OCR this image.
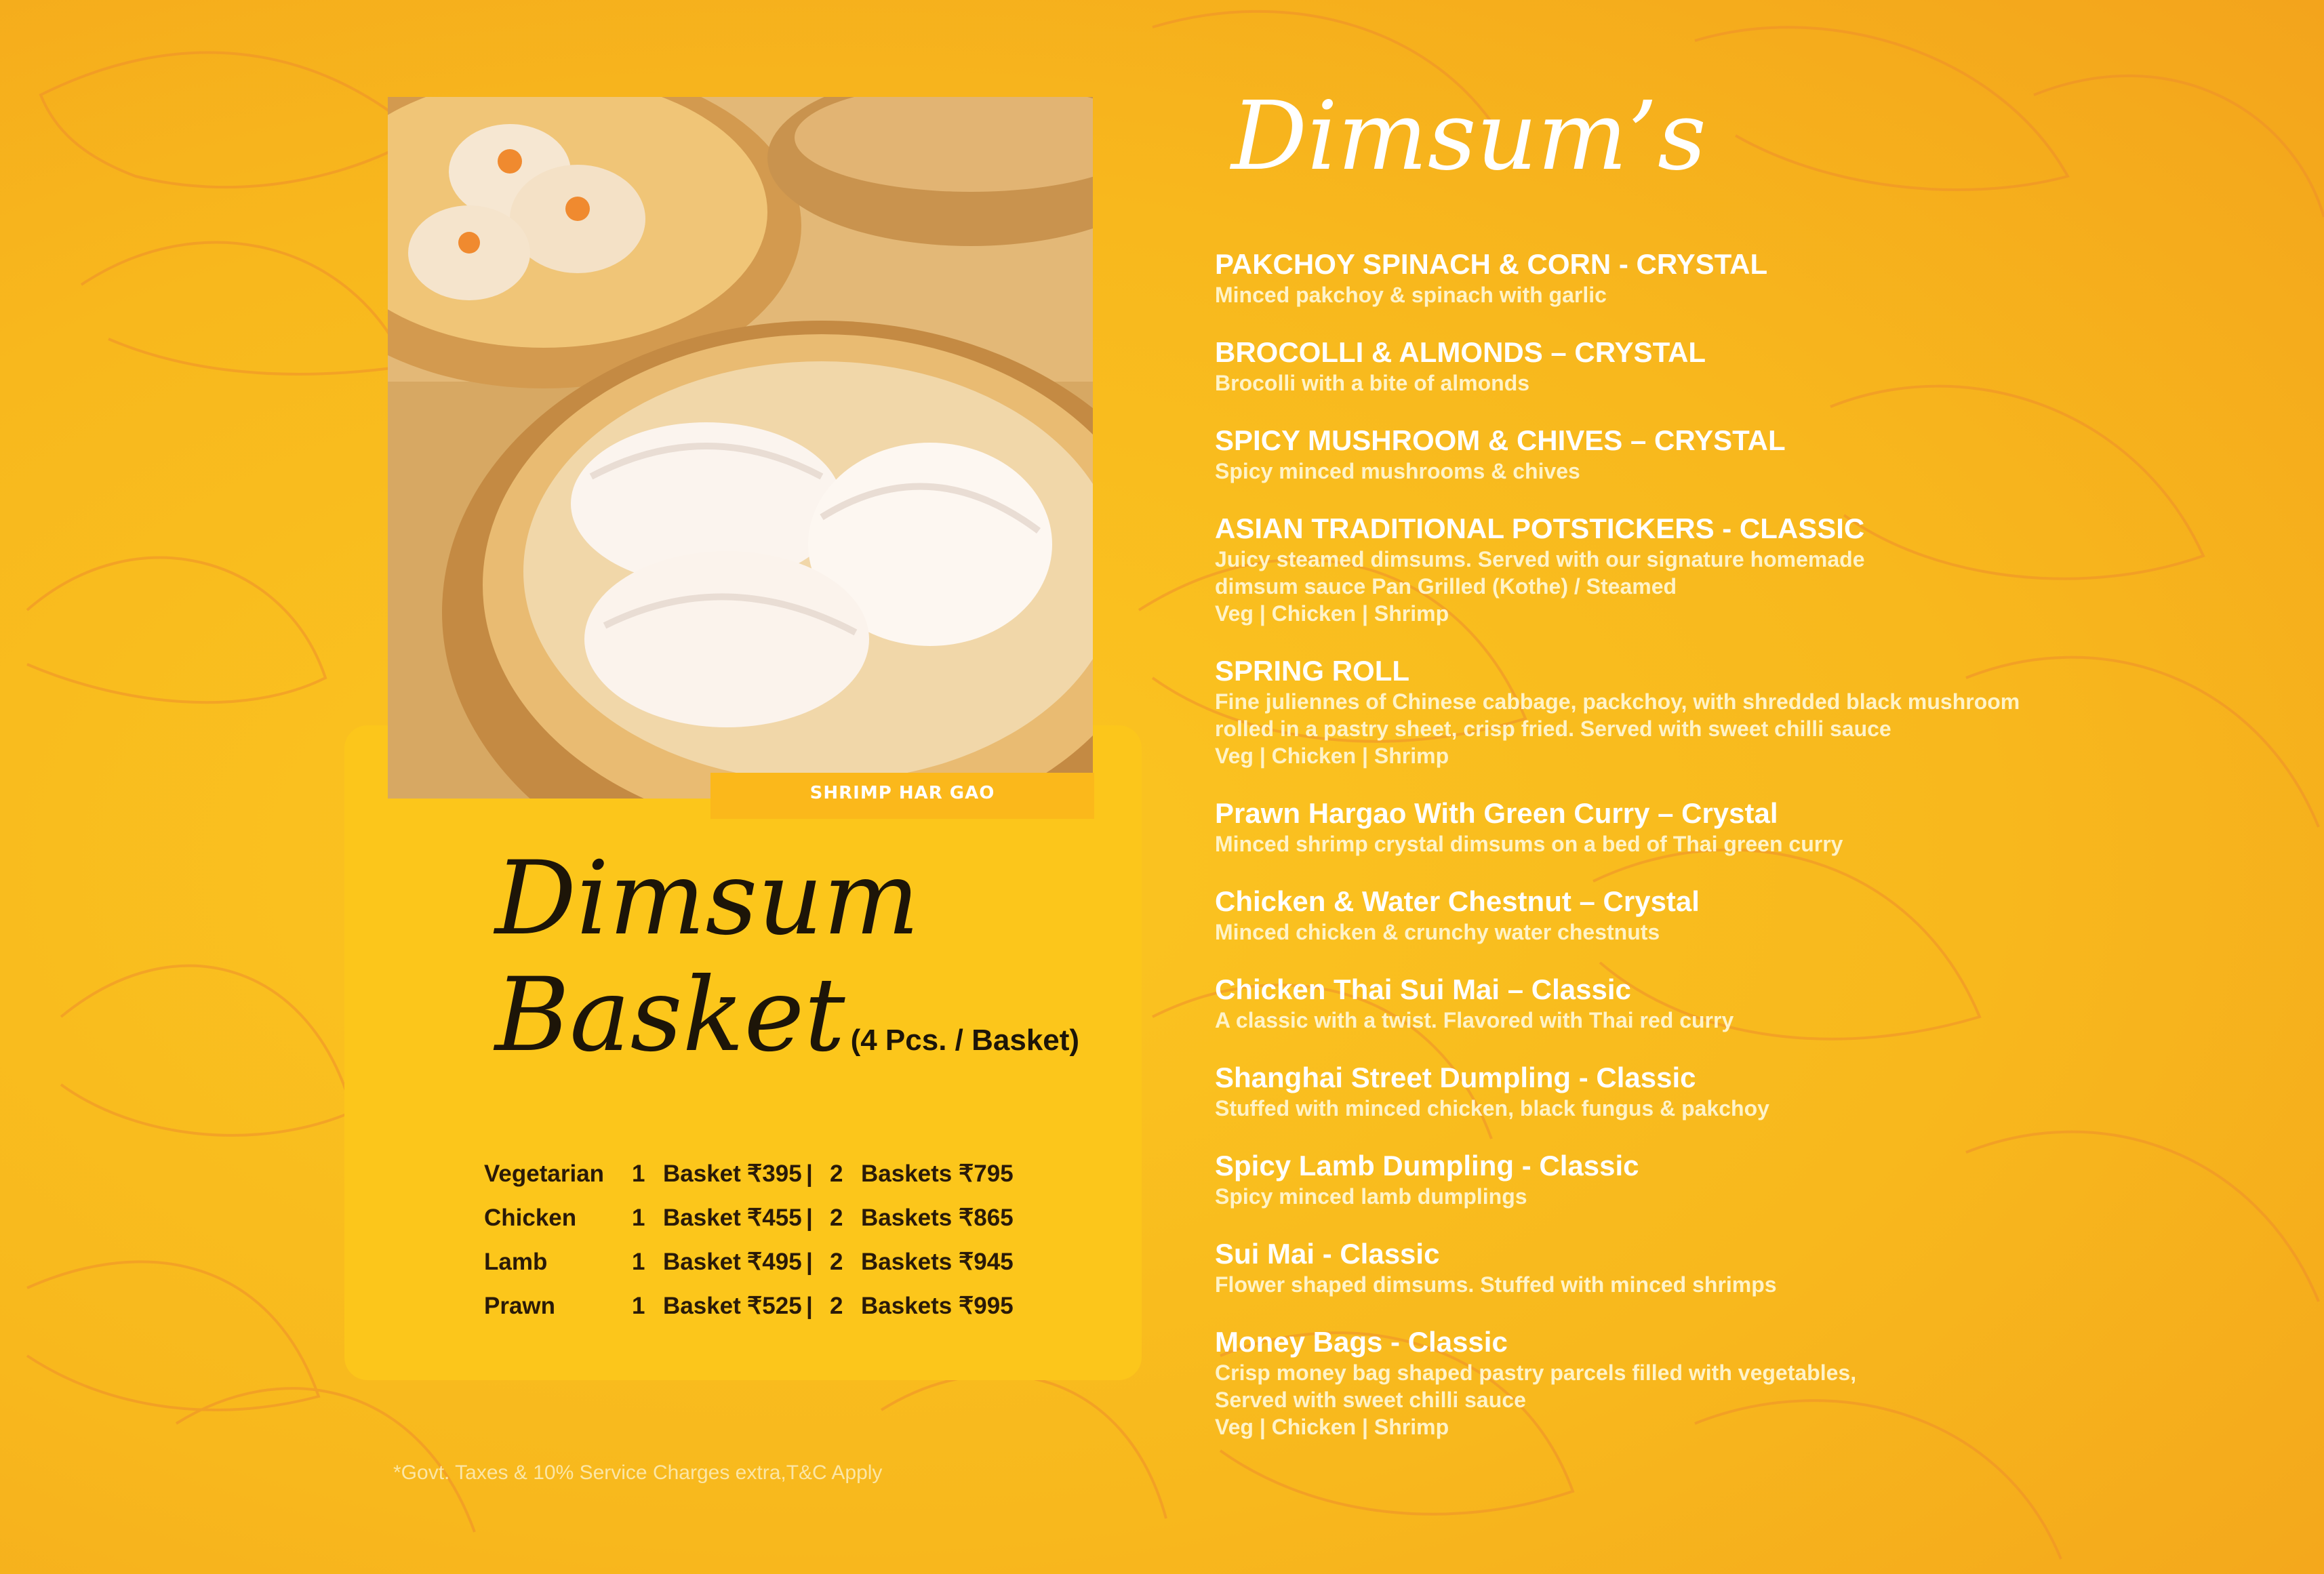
SHRIMP HAR GAO
Dimsum
Basket (4 Pcs. / Basket)
Vegetarian 1 Basket ₹395 | 2 Baskets ₹795
Chicken 1 Basket ₹455 | 2 Baskets ₹865
Lamb	1 Basket ₹495 | 2 Baskets ₹945
Prawn	1 Basket ₹525 | 2 Baskets ₹995
*Govt. Taxes & 10% Service Charges extra,T&C Apply
Dimsum’s
PAKCHOY SPINACH & CORN - CRYSTAL
Minced pakchoy & spinach with garlic
BROCOLLI & ALMONDS – CRYSTAL
Brocolli with a bite of almonds
SPICY MUSHROOM & CHIVES – CRYSTAL
Spicy minced mushrooms & chives
ASIAN TRADITIONAL POTSTICKERS - CLASSIC
Juicy steamed dimsums. Served with our signature homemade
dimsum sauce Pan Grilled (Kothe) / Steamed
Veg | Chicken | Shrimp
SPRING ROLL
Fine juliennes of Chinese cabbage, packchoy, with shredded black mushroom
rolled in a pastry sheet, crisp fried. Served with sweet chilli sauce
Veg | Chicken | Shrimp
Prawn Hargao With Green Curry – Crystal
Minced shrimp crystal dimsums on a bed of Thai green curry
Chicken & Water Chestnut – Crystal
Minced chicken & crunchy water chestnuts
Chicken Thai Sui Mai – Classic
A classic with a twist. Flavored with Thai red curry
Shanghai Street Dumpling - Classic
Stuffed with minced chicken, black fungus & pakchoy
Spicy Lamb Dumpling - Classic
Spicy minced lamb dumplings
Sui Mai - Classic
Flower shaped dimsums. Stuffed with minced shrimps
Money Bags - Classic
Crisp money bag shaped pastry parcels filled with vegetables,
Served with sweet chilli sauce
Veg | Chicken | Shrimp
